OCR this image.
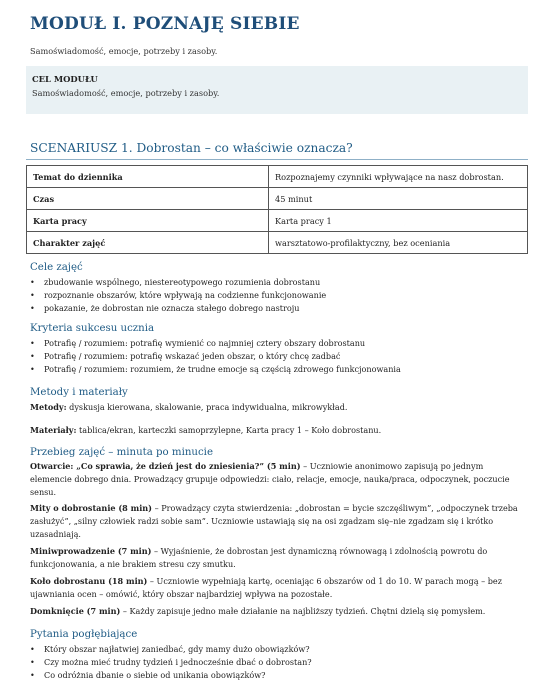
MODUŁ I. POZNAJĘ SIEBIE
Samoświadomość, emocje, potrzeby i zasoby.
CEL MODUŁU
Samoświadomość, emocje, potrzeby i zasoby.
SCENARIUSZ 1. Dobrostan – co właściwie oznacza?
Temat do dziennika	Rozpoznajemy czynniki wpływające na nasz dobrostan.
Czas	45 minut
Karta pracy	Karta pracy 1
Charakter zajęć	warsztatowo-profilaktyczny, bez oceniania
Cele zajęć
• zbudowanie wspólnego, niestereotypowego rozumienia dobrostanu
• rozpoznanie obszarów, które wpływają na codzienne funkcjonowanie
• pokazanie, że dobrostan nie oznacza stałego dobrego nastroju
Kryteria sukcesu ucznia
• Potrafię / rozumiem: potrafię wymienić co najmniej cztery obszary dobrostanu
• Potrafię / rozumiem: potrafię wskazać jeden obszar, o który chcę zadbać
• Potrafię / rozumiem: rozumiem, że trudne emocje są częścią zdrowego funkcjonowania
Metody i materiały
Metody: dyskusja kierowana, skalowanie, praca indywidualna, mikrowykład.
Materiały: tablica/ekran, karteczki samoprzylepne, Karta pracy 1 – Koło dobrostanu.
Przebieg zajęć – minuta po minucie
Otwarcie: „Co sprawia, że dzień jest do zniesienia?” (5 min) – Uczniowie anonimowo zapisują po jednym elemencie dobrego dnia. Prowadzący grupuje odpowiedzi: ciało, relacje, emocje, nauka/praca, odpoczynek, poczucie sensu.
Mity o dobrostanie (8 min) – Prowadzący czyta stwierdzenia: „dobrostan = bycie szczęśliwym”, „odpoczynek trzeba zasłużyć”, „silny człowiek radzi sobie sam”. Uczniowie ustawiają się na osi zgadzam się–nie zgadzam się i krótko uzasadniają.
Miniwprowadzenie (7 min) – Wyjaśnienie, że dobrostan jest dynamiczną równowagą i zdolnością powrotu do funkcjonowania, a nie brakiem stresu czy smutku.
Koło dobrostanu (18 min) – Uczniowie wypełniają kartę, oceniając 6 obszarów od 1 do 10. W parach mogą – bez ujawniania ocen – omówić, który obszar najbardziej wpływa na pozostałe.
Domknięcie (7 min) – Każdy zapisuje jedno małe działanie na najbliższy tydzień. Chętni dzielą się pomysłem.
Pytania pogłębiające
• Który obszar najłatwiej zaniedbać, gdy mamy dużo obowiązków?
• Czy można mieć trudny tydzień i jednocześnie dbać o dobrostan?
• Co odróżnia dbanie o siebie od unikania obowiązków?
